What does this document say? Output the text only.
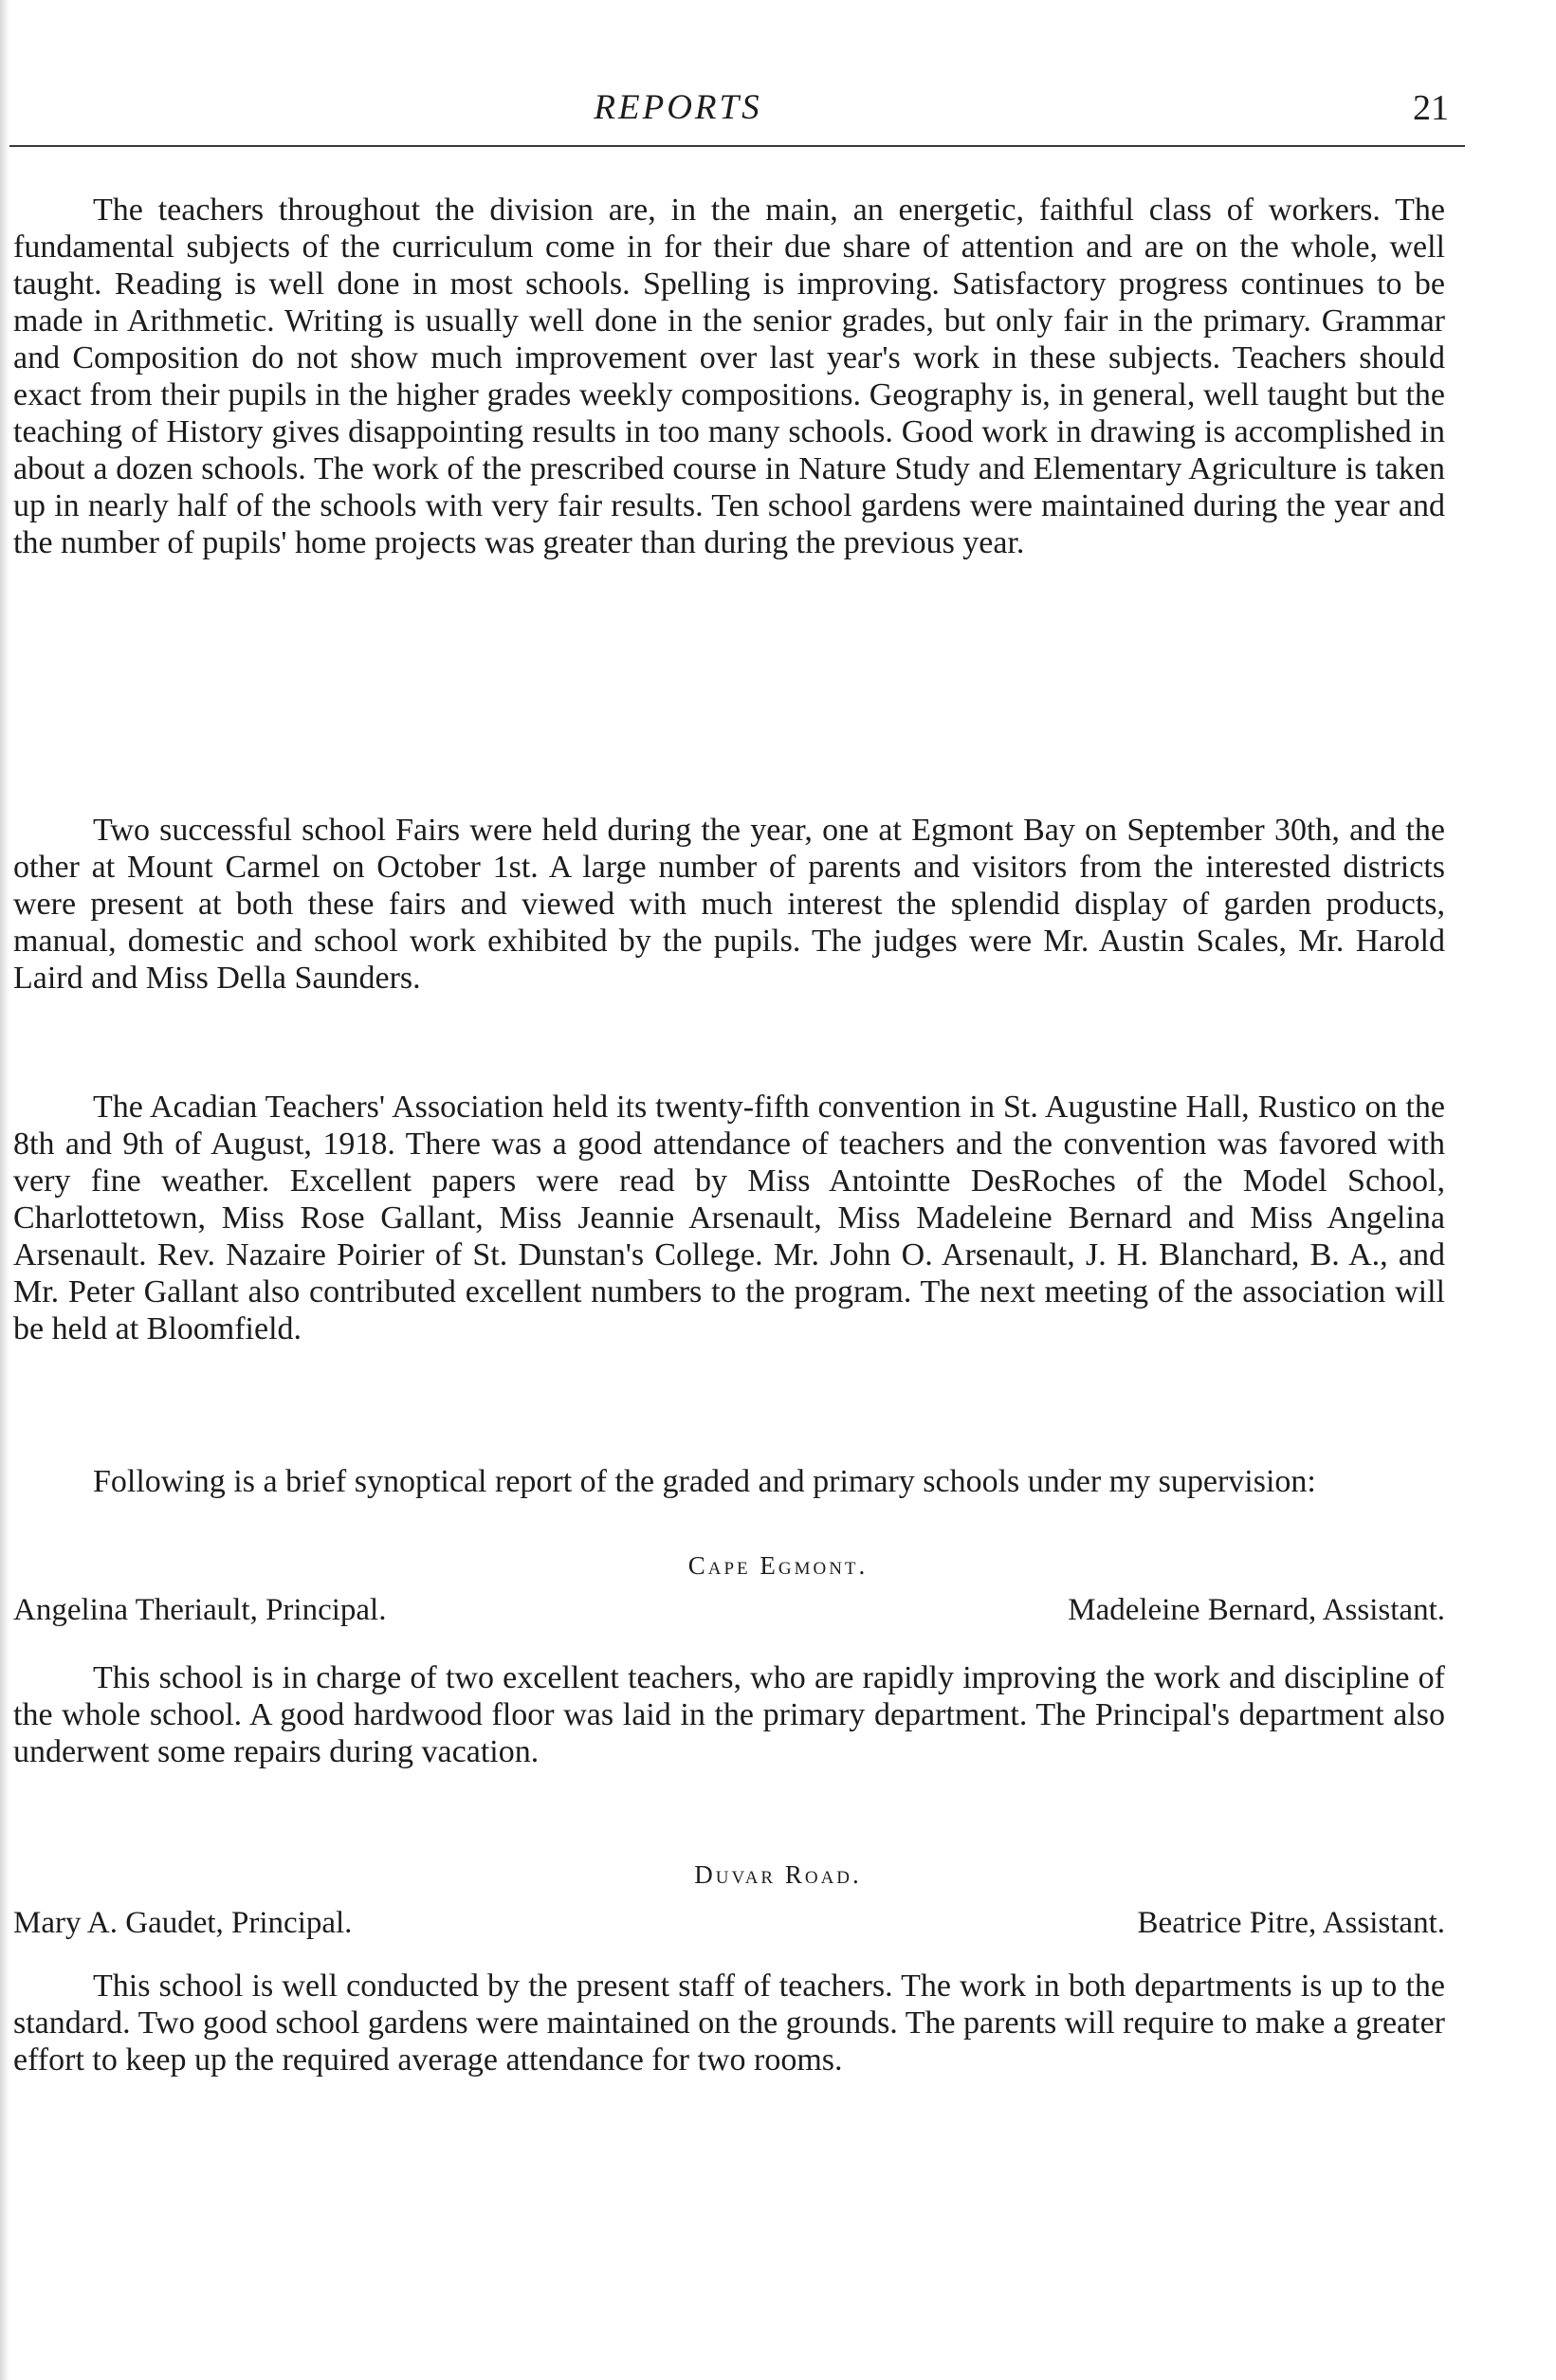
REPORTS	21

The teachers throughout the division are, in the main, an energetic, faithful class of workers. The fundamental subjects of the curriculum come in for their due share of attention and are on the whole, well taught. Reading is well done in most schools. Spelling is improving. Satisfactory progress continues to be made in Arithmetic. Writing is usually well done in the senior grades, but only fair in the primary. Grammar and Composition do not show much improvement over last year's work in these subjects. Teachers should exact from their pupils in the higher grades weekly compositions. Geography is, in general, well taught but the teaching of History gives disappointing results in too many schools. Good work in drawing is accomplished in about a dozen schools. The work of the prescribed course in Nature Study and Elementary Agriculture is taken up in nearly half of the schools with very fair results. Ten school gardens were maintained during the year and the number of pupils' home projects was greater than during the previous year.

Two successful school Fairs were held during the year, one at Egmont Bay on September 30th, and the other at Mount Carmel on October 1st. A large number of parents and visitors from the interested districts were present at both these fairs and viewed with much interest the splendid display of garden products, manual, domestic and school work exhibited by the pupils. The judges were Mr. Austin Scales, Mr. Harold Laird and Miss Della Saunders.

The Acadian Teachers' Association held its twenty-fifth convention in St. Augustine Hall, Rustico on the 8th and 9th of August, 1918. There was a good attendance of teachers and the convention was favored with very fine weather. Excellent papers were read by Miss Antointte DesRoches of the Model School, Charlottetown, Miss Rose Gallant, Miss Jeannie Arsenault, Miss Madeleine Bernard and Miss Angelina Arsenault. Rev. Nazaire Poirier of St. Dunstan's College. Mr. John O. Arsenault, J. H. Blanchard, B. A., and Mr. Peter Gallant also contributed excellent numbers to the program. The next meeting of the association will be held at Bloomfield.

Following is a brief synoptical report of the graded and primary schools under my supervision:

Cape Egmont.
Angelina Theriault, Principal.	Madeleine Bernard, Assistant.

This school is in charge of two excellent teachers, who are rapidly improving the work and discipline of the whole school. A good hardwood floor was laid in the primary department. The Principal's department also underwent some repairs during vacation.

Duvar Road.
Mary A. Gaudet, Principal.	Beatrice Pitre, Assistant.

This school is well conducted by the present staff of teachers. The work in both departments is up to the standard. Two good school gardens were maintained on the grounds. The parents will require to make a greater effort to keep up the required average attendance for two rooms.
